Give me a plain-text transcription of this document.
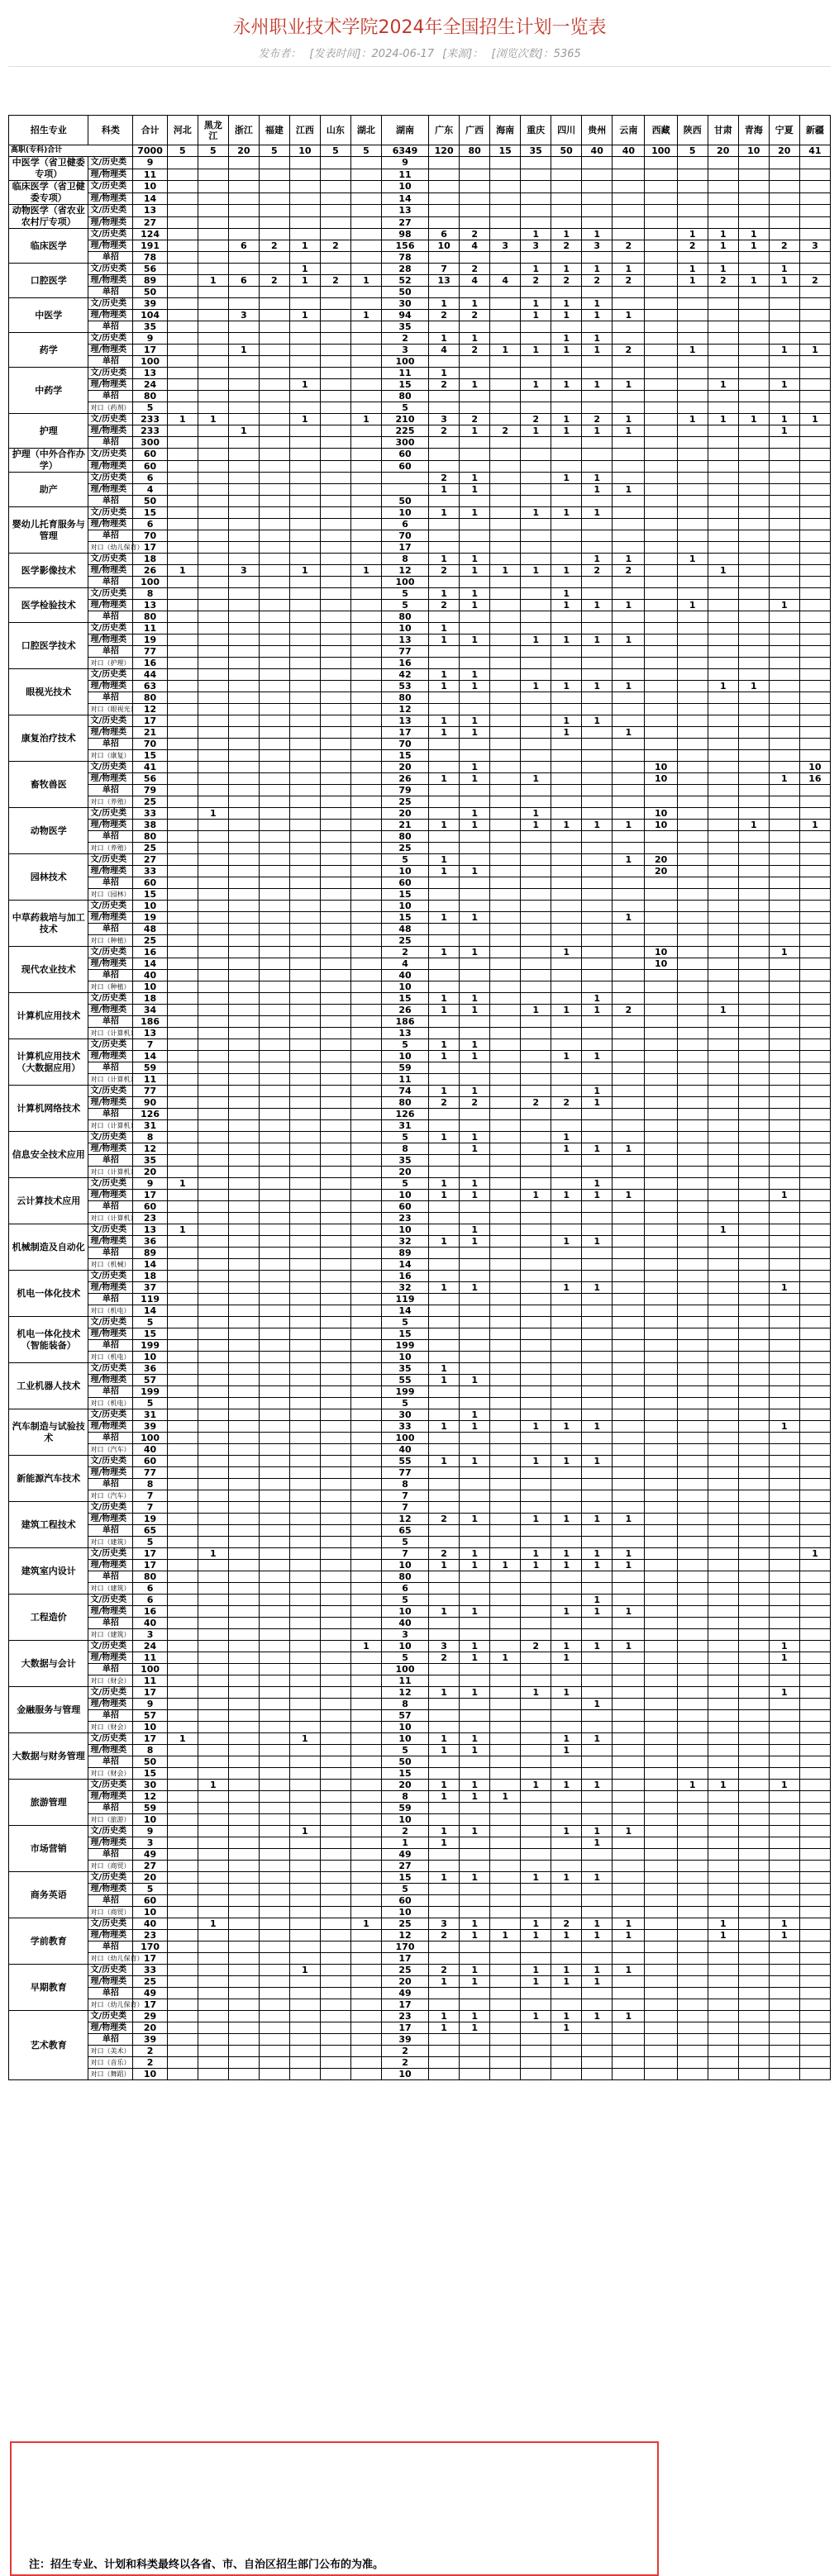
永州职业技术学院2024年全国招生计划一览表
发布者： [发表时间]：2024-06-17 [来源]： [浏览次数]：5365
招生专业	科类	合计	河北	黑龙江	浙江	福建	江西	山东	湖北	湖南	广东	广西	海南	重庆	四川	贵州	云南	西藏	陕西	甘肃	青海	宁夏	新疆
高职(专科)合计		7000	5	5	20	5	10	5	5	6349	120	80	15	35	50	40	40	100	5	20	10	20	41
中医学（省卫健委专项）	文/历史类	9								9													
	理/物理类	11								11													
临床医学（省卫健委专项）	文/历史类	10								10													
	理/物理类	14								14													
动物医学（省农业农村厅专项）	文/历史类	13								13													
	理/物理类	27								27													
临床医学	文/历史类	124								98	6	2		1	1	1			1	1	1		
	理/物理类	191			6	2	1	2		156	10	4	3	3	2	3	2		2	1	1	2	3
	单招	78								78													
口腔医学	文/历史类	56					1			28	7	2		1	1	1	1		1	1		1	
	理/物理类	89		1	6	2	1	2	1	52	13	4	4	2	2	2	2		1	2	1	1	2
	单招	50								50													
中医学	文/历史类	39								30	1	1		1	1	1							
	理/物理类	104			3		1		1	94	2	2		1	1	1	1						
	单招	35								35													
药学	文/历史类	9								2	1	1			1	1							
	理/物理类	17			1					3	4	2	1	1	1	1	2		1			1	1
	单招	100								100													
中药学	文/历史类	13								11	1												
	理/物理类	24					1			15	2	1		1	1	1	1			1		1	
	单招	80								80													
	对口（药剂）	5								5													
护理	文/历史类	233	1	1			1		1	210	3	2		2	1	2	1		1	1	1	1	1
	理/物理类	233			1					225	2	1	2	1	1	1	1					1	
	单招	300								300													
护理（中外合作办学）	文/历史类	60								60													
	理/物理类	60								60													
助产	文/历史类	6									2	1			1	1							
	理/物理类	4									1	1				1	1						
	单招	50								50													
婴幼儿托育服务与管理	文/历史类	15								10	1	1		1	1	1							
	理/物理类	6								6													
	单招	70								70													
	对口（幼儿保育）	17								17													
医学影像技术	文/历史类	18								8	1	1				1	1		1				
	理/物理类	26	1		3		1		1	12	2	1	1	1	1	2	2			1			
	单招	100								100													
医学检验技术	文/历史类	8								5	1	1			1								
	理/物理类	13								5	2	1			1	1	1		1			1	
	单招	80								80													
口腔医学技术	文/历史类	11								10	1												
	理/物理类	19								13	1	1		1	1	1	1						
	单招	77								77													
	对口（护理）	16								16													
眼视光技术	文/历史类	44								42	1	1											
	理/物理类	63								53	1	1		1	1	1	1			1	1		
	单招	80								80													
	对口（眼视光）	12								12													
康复治疗技术	文/历史类	17								13	1	1			1	1							
	理/物理类	21								17	1	1			1		1						
	单招	70								70													
	对口（康复）	15								15													
畜牧兽医	文/历史类	41								20		1						10					10
	理/物理类	56								26	1	1		1				10				1	16
	单招	79								79													
	对口（养殖）	25								25													
动物医学	文/历史类	33		1						20		1		1				10					
	理/物理类	38								21	1	1		1	1	1	1	10			1		1
	单招	80								80													
	对口（养殖）	25								25													
园林技术	文/历史类	27								5	1						1	20					
	理/物理类	33								10	1	1						20					
	单招	60								60													
	对口（园林）	15								15													
中草药栽培与加工技术	文/历史类	10								10													
	理/物理类	19								15	1	1					1						
	单招	48								48													
	对口（种植）	25								25													
现代农业技术	文/历史类	16								2	1	1			1			10				1	
	理/物理类	14								4								10					
	单招	40								40													
	对口（种植）	10								10													
计算机应用技术	文/历史类	18								15	1	1				1							
	理/物理类	34								26	1	1		1	1	1	2			1			
	单招	186								186													
	对口（计算机）	13								13													
计算机应用技术（大数据应用）	文/历史类	7								5	1	1											
	理/物理类	14								10	1	1			1	1							
	单招	59								59													
	对口（计算机）	11								11													
计算机网络技术	文/历史类	77								74	1	1				1							
	理/物理类	90								80	2	2		2	2	1							
	单招	126								126													
	对口（计算机）	31								31													
信息安全技术应用	文/历史类	8								5	1	1			1								
	理/物理类	12								8		1			1	1	1						
	单招	35								35													
	对口（计算机）	20								20													
云计算技术应用	文/历史类	9	1							5	1	1				1							
	理/物理类	17								10	1	1		1	1	1	1					1	
	单招	60								60													
	对口（计算机）	23								23													
机械制造及自动化	文/历史类	13	1							10		1								1			
	理/物理类	36								32	1	1			1	1							
	单招	89								89													
	对口（机械）	14								14													
机电一体化技术	文/历史类	18								16													
	理/物理类	37								32	1	1			1	1						1	
	单招	119								119													
	对口（机电）	14								14													
机电一体化技术（智能装备）	文/历史类	5								5													
	理/物理类	15								15													
	单招	199								199													
	对口（机电）	10								10													
工业机器人技术	文/历史类	36								35	1												
	理/物理类	57								55	1	1											
	单招	199								199													
	对口（机电）	5								5													
汽车制造与试验技术	文/历史类	31								30		1											
	理/物理类	39								33	1	1		1	1	1						1	
	单招	100								100													
	对口（汽车）	40								40													
新能源汽车技术	文/历史类	60								55	1	1		1	1	1							
	理/物理类	77								77													
	单招	8								8													
	对口（汽车）	7								7													
建筑工程技术	文/历史类	7								7													
	理/物理类	19								12	2	1		1	1	1	1						
	单招	65								65													
	对口（建筑）	5								5													
建筑室内设计	文/历史类	17		1						7	2	1		1	1	1	1						1
	理/物理类	17								10	1	1	1	1	1	1	1						
	单招	80								80													
	对口（建筑）	6								6													
工程造价	文/历史类	6								5						1							
	理/物理类	16								10	1	1			1	1	1						
	单招	40								40													
	对口（建筑）	3								3													
大数据与会计	文/历史类	24							1	10	3	1		2	1	1	1					1	
	理/物理类	11								5	2	1	1		1							1	
	单招	100								100													
	对口（财会）	11								11													
金融服务与管理	文/历史类	17								12	1	1		1	1							1	
	理/物理类	9								8						1							
	单招	57								57													
	对口（财会）	10								10													
大数据与财务管理	文/历史类	17	1				1			10	1	1			1	1							
	理/物理类	8								5	1	1			1								
	单招	50								50													
	对口（财会）	15								15													
旅游管理	文/历史类	30		1						20	1	1		1	1	1			1	1		1	
	理/物理类	12								8	1	1	1										
	单招	59								59													
	对口（旅游）	10								10													
市场营销	文/历史类	9					1			2	1	1			1	1	1						
	理/物理类	3								1	1					1							
	单招	49								49													
	对口（商贸）	27								27													
商务英语	文/历史类	20								15	1	1		1	1	1							
	理/物理类	5								5													
	单招	60								60													
	对口（商贸）	10								10													
学前教育	文/历史类	40		1					1	25	3	1		1	2	1	1			1		1	
	理/物理类	23								12	2	1	1	1	1	1	1			1		1	
	单招	170								170													
	对口（幼儿保育）	17								17													
早期教育	文/历史类	33					1			25	2	1		1	1	1	1						
	理/物理类	25								20	1	1		1	1	1							
	单招	49								49													
	对口（幼儿保育）	17								17													
艺术教育	文/历史类	29								23	1	1		1	1	1	1						
	理/物理类	20								17	1	1			1								
	单招	39								39													
	对口（美术）	2								2													
	对口（音乐）	2								2													
	对口（舞蹈）	10								10													
注：招生专业、计划和科类最终以各省、市、自治区招生部门公布的为准。
